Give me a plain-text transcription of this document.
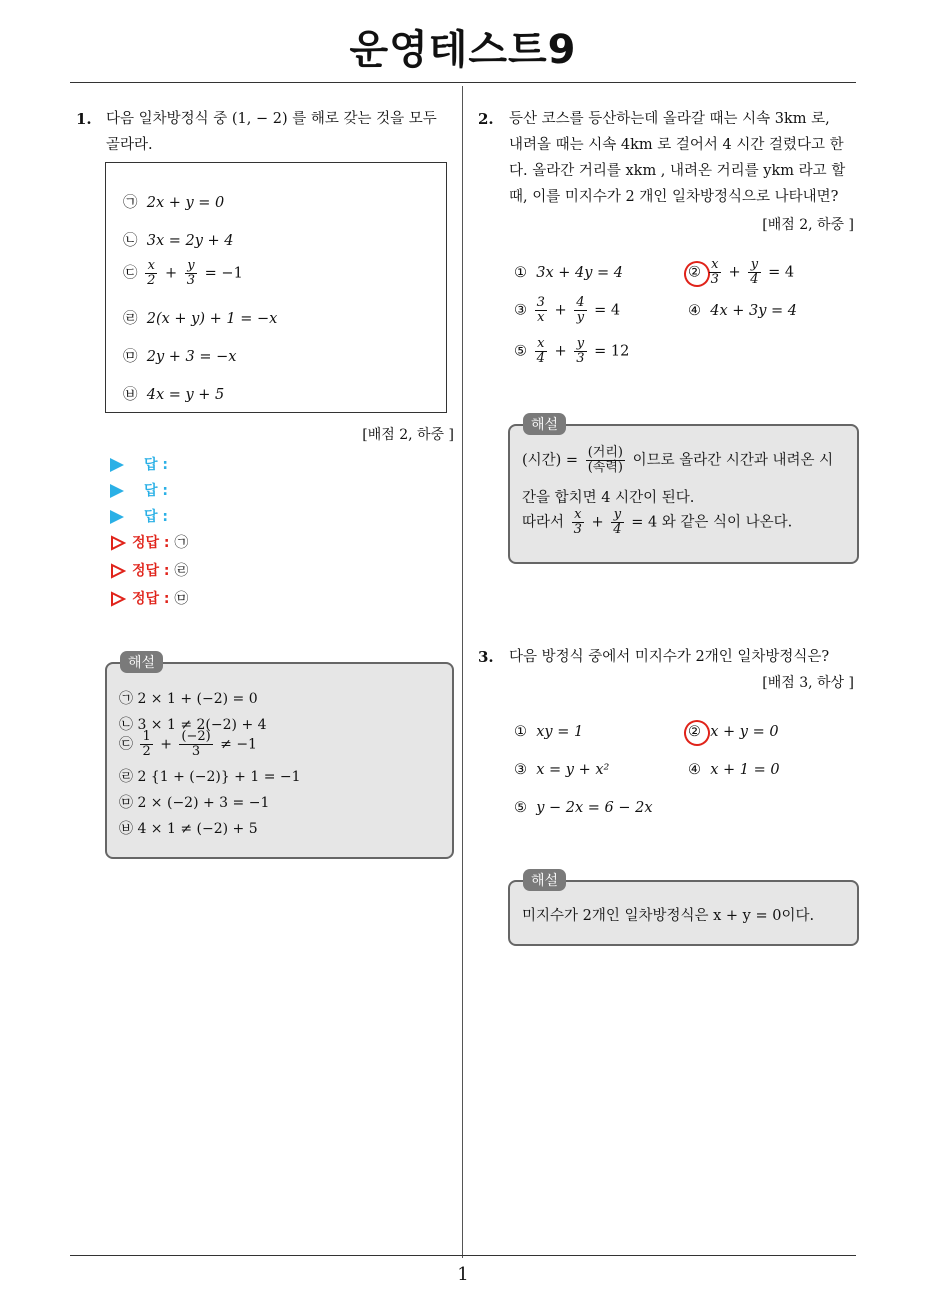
운영테스트9
1. 다음 일차방정식 중 (1, − 2) 를 해로 갖는 것을 모두
골라라.
㉠ 2x + y = 0
㉡ 3x = 2y + 4
㉢ $\frac{x}{2} + \frac{y}{3} = -1$
㉣ 2(x + y) + 1 = −x
㉤ 2y + 3 = −x
㉥ 4x = y + 5
[배점 2, 하중 ]
답 :
답 :
답 :
정답 : ㉠
정답 : ㉣
정답 : ㉤
㉠ 2 × 1 + (−2) = 0
㉡ 3 × 1 ≠ 2(−2) + 4
㉢ $\frac{1}{2} + \frac{(-2)}{3} \ne -1$
㉣ 2 {1 + (−2)} + 1 = −1
㉤ 2 × (−2) + 3 = −1
㉥ 4 × 1 ≠ (−2) + 5
해설
2. 등산 코스를 등산하는데 올라갈 때는 시속 3km 로,
내려올 때는 시속 4km 로 걸어서 4 시간 걸렸다고 한
다. 올라간 거리를 xkm , 내려온 거리를 ykm 라고 할
때, 이를 미지수가 2 개인 일차방정식으로 나타내면?
[배점 2, 하중 ]
① 3x + 4y = 4	② $\frac{x}{3} + \frac{y}{4} = 4$
③ $\frac{3}{x} + \frac{4}{y} = 4$	④ 4x + 3y = 4
⑤ $\frac{x}{4} + \frac{y}{3} = 12$
(시간) = $\frac{\text{(거리)}}{\text{(속력)}}$ 이므로 올라간 시간과 내려온 시
간을 합치면 4 시간이 된다.
따라서 $\frac{x}{3} + \frac{y}{4} = 4$ 와 같은 식이 나온다.
해설
3. 다음 방정식 중에서 미지수가 2개인 일차방정식은?
[배점 3, 하상 ]
① xy = 1	② x + y = 0
③ x = y + x²	④ x + 1 = 0
⑤ y − 2x = 6 − 2x
미지수가 2개인 일차방정식은 x + y = 0이다.
해설
1
